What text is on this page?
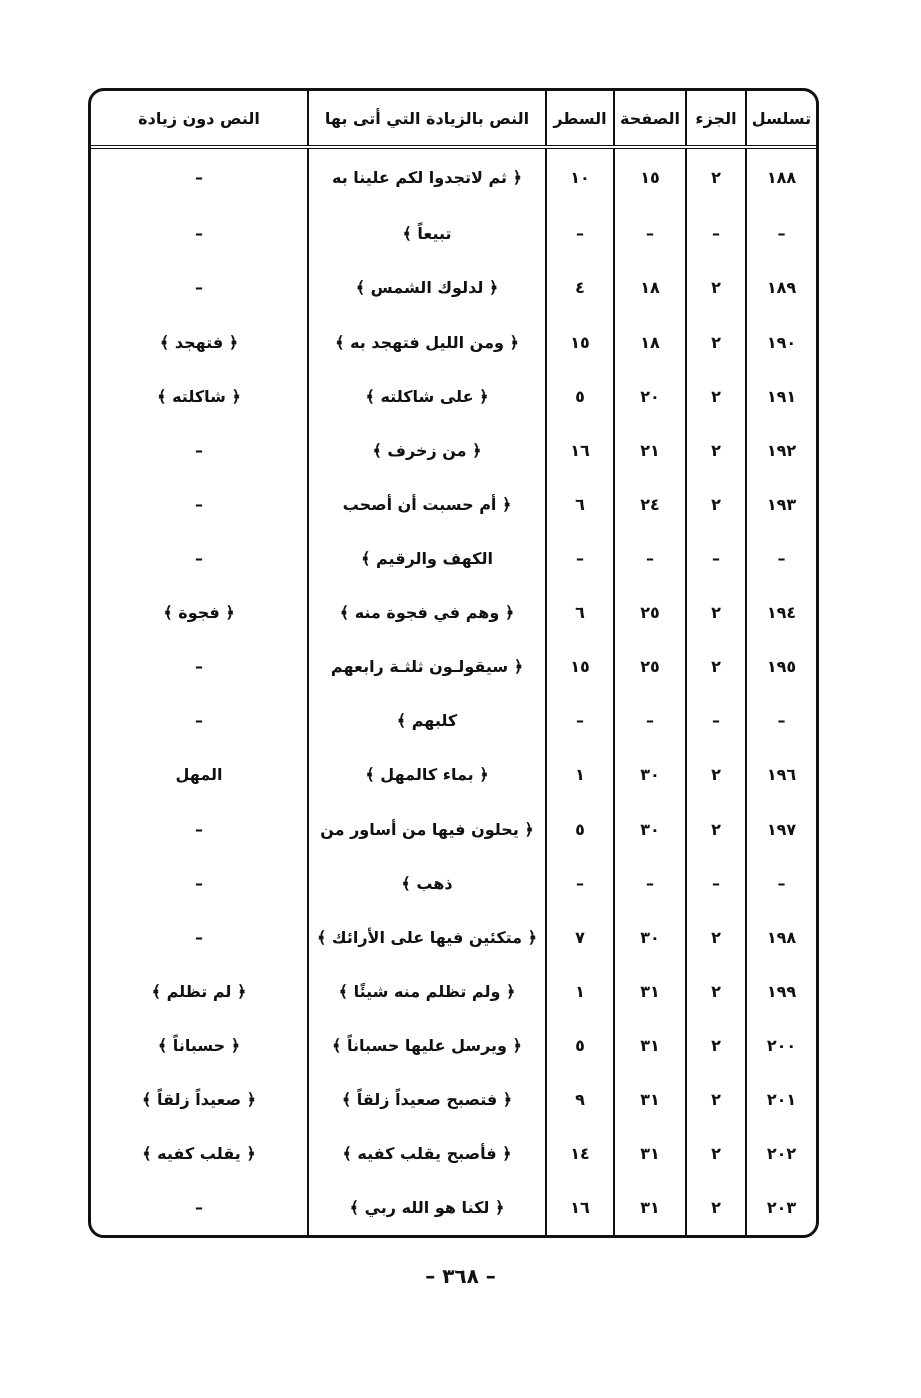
تسلسل	الجزء	الصفحة	السطر	النص بالزيادة التي أتى بها	النص دون زيادة
١٨٨	٢	١٥	١٠	﴿ ثم لاتجدوا لكم علينا به	–
–	–	–	–	تبيعاً ﴾	–
١٨٩	٢	١٨	٤	﴿ لدلوك الشمس ﴾	–
١٩٠	٢	١٨	١٥	﴿ ومن الليل فتهجد به ﴾	﴿ فتهجد ﴾
١٩١	٢	٢٠	٥	﴿ على شاكلته ﴾	﴿ شاكلته ﴾
١٩٢	٢	٢١	١٦	﴿ من زخرف ﴾	–
١٩٣	٢	٢٤	٦	﴿ أم حسبت أن أصحب	–
–	–	–	–	الكهف والرقيم ﴾	–
١٩٤	٢	٢٥	٦	﴿ وهم في فجوة منه ﴾	﴿ فجوة ﴾
١٩٥	٢	٢٥	١٥	﴿ سيقولـون ثلثـة رابعهم	–
–	–	–	–	كلبهم ﴾	–
١٩٦	٢	٣٠	١	﴿ بماء كالمهل ﴾	المهل
١٩٧	٢	٣٠	٥	﴿ يحلون فيها من أساور من	–
–	–	–	–	ذهب ﴾	–
١٩٨	٢	٣٠	٧	﴿ متكئين فيها على الأرائك ﴾	–
١٩٩	٢	٣١	١	﴿ ولم تظلم منه شيئًا ﴾	﴿ لم تظلم ﴾
٢٠٠	٢	٣١	٥	﴿ ويرسل عليها حسباناً ﴾	﴿ حسباناً ﴾
٢٠١	٢	٣١	٩	﴿ فتصبح صعيداً زلقاً ﴾	﴿ صعيداً زلقاً ﴾
٢٠٢	٢	٣١	١٤	﴿ فأصبح يقلب كفيه ﴾	﴿ يقلب كفيه ﴾
٢٠٣	٢	٣١	١٦	﴿ لكنا هو الله ربي ﴾	–
– ٣٦٨ –
